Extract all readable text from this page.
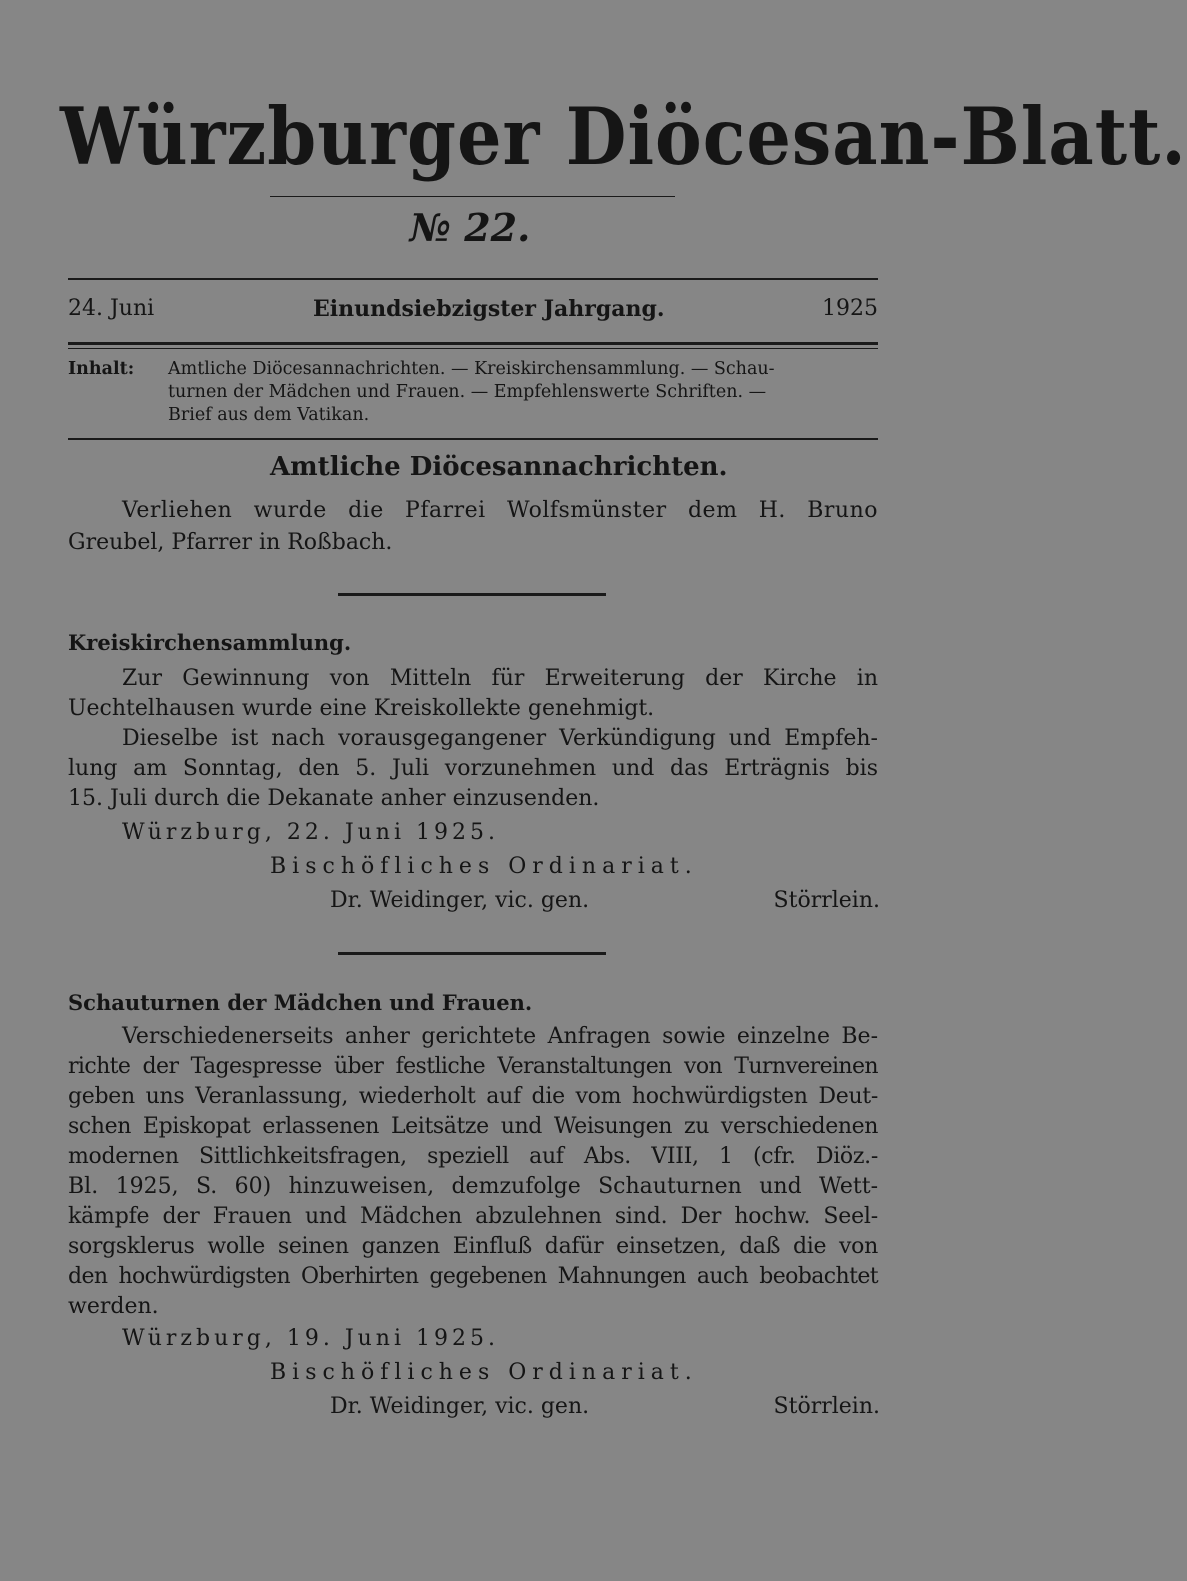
Würzburger Diöcesan-Blatt.
№ 22.
24. Juni	Einundsiebzigster Jahrgang.	1925
Inhalt: Amtliche Diöcesannachrichten. — Kreiskirchensammlung. — Schau-
turnen der Mädchen und Frauen. — Empfehlenswerte Schriften. —
Brief aus dem Vatikan.
Amtliche Diöcesannachrichten.
Verliehen wurde die Pfarrei Wolfsmünster dem H. Bruno
Greubel, Pfarrer in Roßbach.
Kreiskirchensammlung.
Zur Gewinnung von Mitteln für Erweiterung der Kirche in
Uechtelhausen wurde eine Kreiskollekte genehmigt.
Dieselbe ist nach vorausgegangener Verkündigung und Empfeh-
lung am Sonntag, den 5. Juli vorzunehmen und das Erträgnis bis
15. Juli durch die Dekanate anher einzusenden.
Würzburg, 22. Juni 1925.
Bischöfliches Ordinariat.
Dr. Weidinger, vic. gen.	Störrlein.
Schauturnen der Mädchen und Frauen.
Verschiedenerseits anher gerichtete Anfragen sowie einzelne Be-
richte der Tagespresse über festliche Veranstaltungen von Turnvereinen
geben uns Veranlassung, wiederholt auf die vom hochwürdigsten Deut-
schen Episkopat erlassenen Leitsätze und Weisungen zu verschiedenen
modernen Sittlichkeitsfragen, speziell auf Abs. VIII, 1 (cfr. Diöz.-
Bl. 1925, S. 60) hinzuweisen, demzufolge Schauturnen und Wett-
kämpfe der Frauen und Mädchen abzulehnen sind. Der hochw. Seel-
sorgsklerus wolle seinen ganzen Einfluß dafür einsetzen, daß die von
den hochwürdigsten Oberhirten gegebenen Mahnungen auch beobachtet
werden.
Würzburg, 19. Juni 1925.
Bischöfliches Ordinariat.
Dr. Weidinger, vic. gen.	Störrlein.
